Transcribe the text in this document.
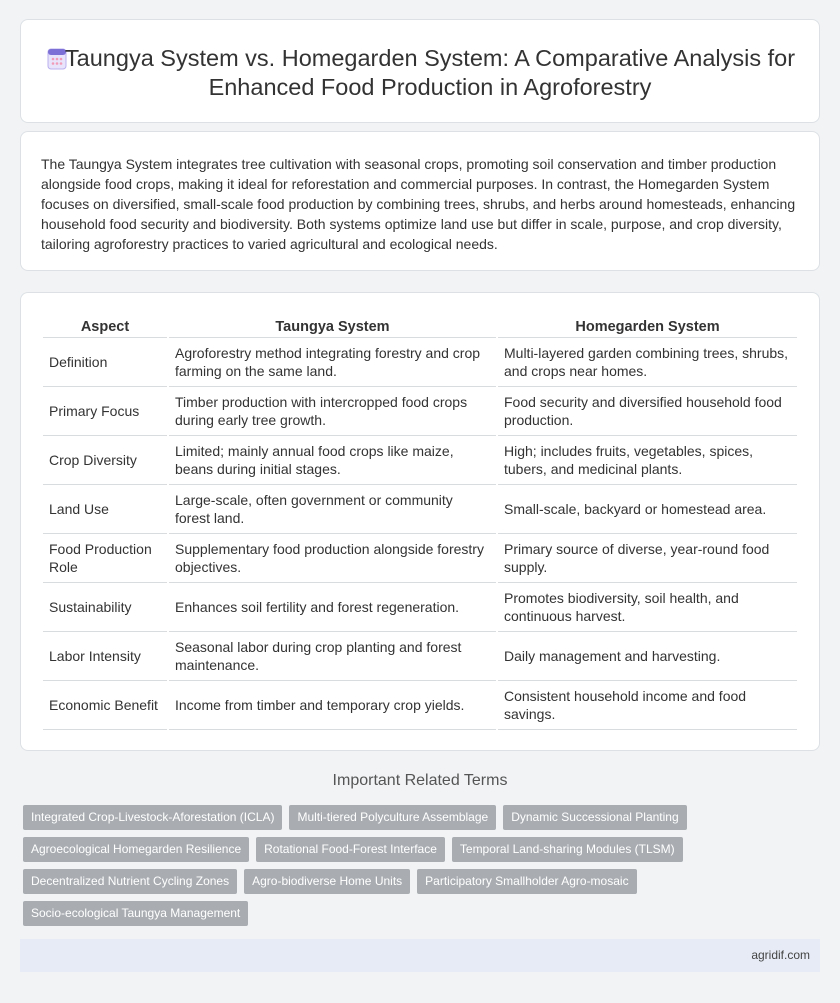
Taungya System vs. Homegarden System: A Comparative Analysis for Enhanced Food Production in Agroforestry

The Taungya System integrates tree cultivation with seasonal crops, promoting soil conservation and timber production alongside food crops, making it ideal for reforestation and commercial purposes. In contrast, the Homegarden System focuses on diversified, small-scale food production by combining trees, shrubs, and herbs around homesteads, enhancing household food security and biodiversity. Both systems optimize land use but differ in scale, purpose, and crop diversity, tailoring agroforestry practices to varied agricultural and ecological needs.

Aspect	Taungya System	Homegarden System
Definition	Agroforestry method integrating forestry and crop farming on the same land.	Multi-layered garden combining trees, shrubs, and crops near homes.
Primary Focus	Timber production with intercropped food crops during early tree growth.	Food security and diversified household food production.
Crop Diversity	Limited; mainly annual food crops like maize, beans during initial stages.	High; includes fruits, vegetables, spices, tubers, and medicinal plants.
Land Use	Large-scale, often government or community forest land.	Small-scale, backyard or homestead area.
Food Production Role	Supplementary food production alongside forestry objectives.	Primary source of diverse, year-round food supply.
Sustainability	Enhances soil fertility and forest regeneration.	Promotes biodiversity, soil health, and continuous harvest.
Labor Intensity	Seasonal labor during crop planting and forest maintenance.	Daily management and harvesting.
Economic Benefit	Income from timber and temporary crop yields.	Consistent household income and food savings.
Important Related Terms
Integrated Crop-Livestock-Aforestation (ICLA)	Multi-tiered Polyculture Assemblage	Dynamic Successional Planting
Agroecological Homegarden Resilience	Rotational Food-Forest Interface	Temporal Land-sharing Modules (TLSM)
Decentralized Nutrient Cycling Zones	Agro-biodiverse Home Units	Participatory Smallholder Agro-mosaic
Socio-ecological Taungya Management
agridif.com
